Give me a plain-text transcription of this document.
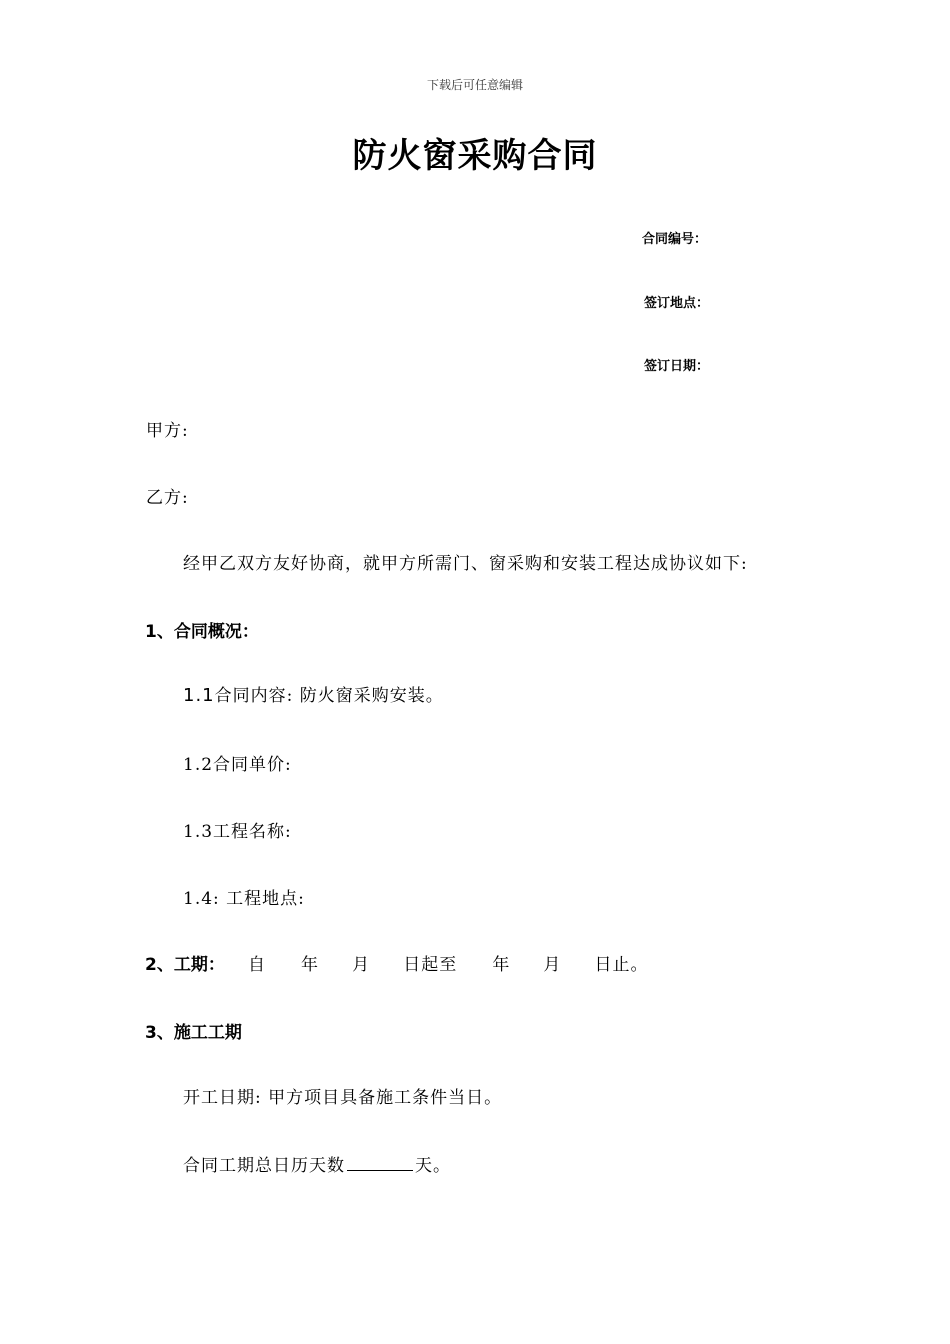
下载后可任意编辑
防火窗采购合同
合同编号：
签订地点：
签订日期：
甲方:
乙方:
经甲乙双方友好协商，就甲方所需门、窗采购和安装工程达成协议如下:
1、合同概况：
1.1合同内容: 防火窗采购安装。
1.2合同单价:
1.3工程名称:
1.4: 工程地点:
2、工期： 自 年 月 日起至 年 月 日止。
3、施工工期
开工日期: 甲方项目具备施工条件当日。
合同工期总日历天数	天。
